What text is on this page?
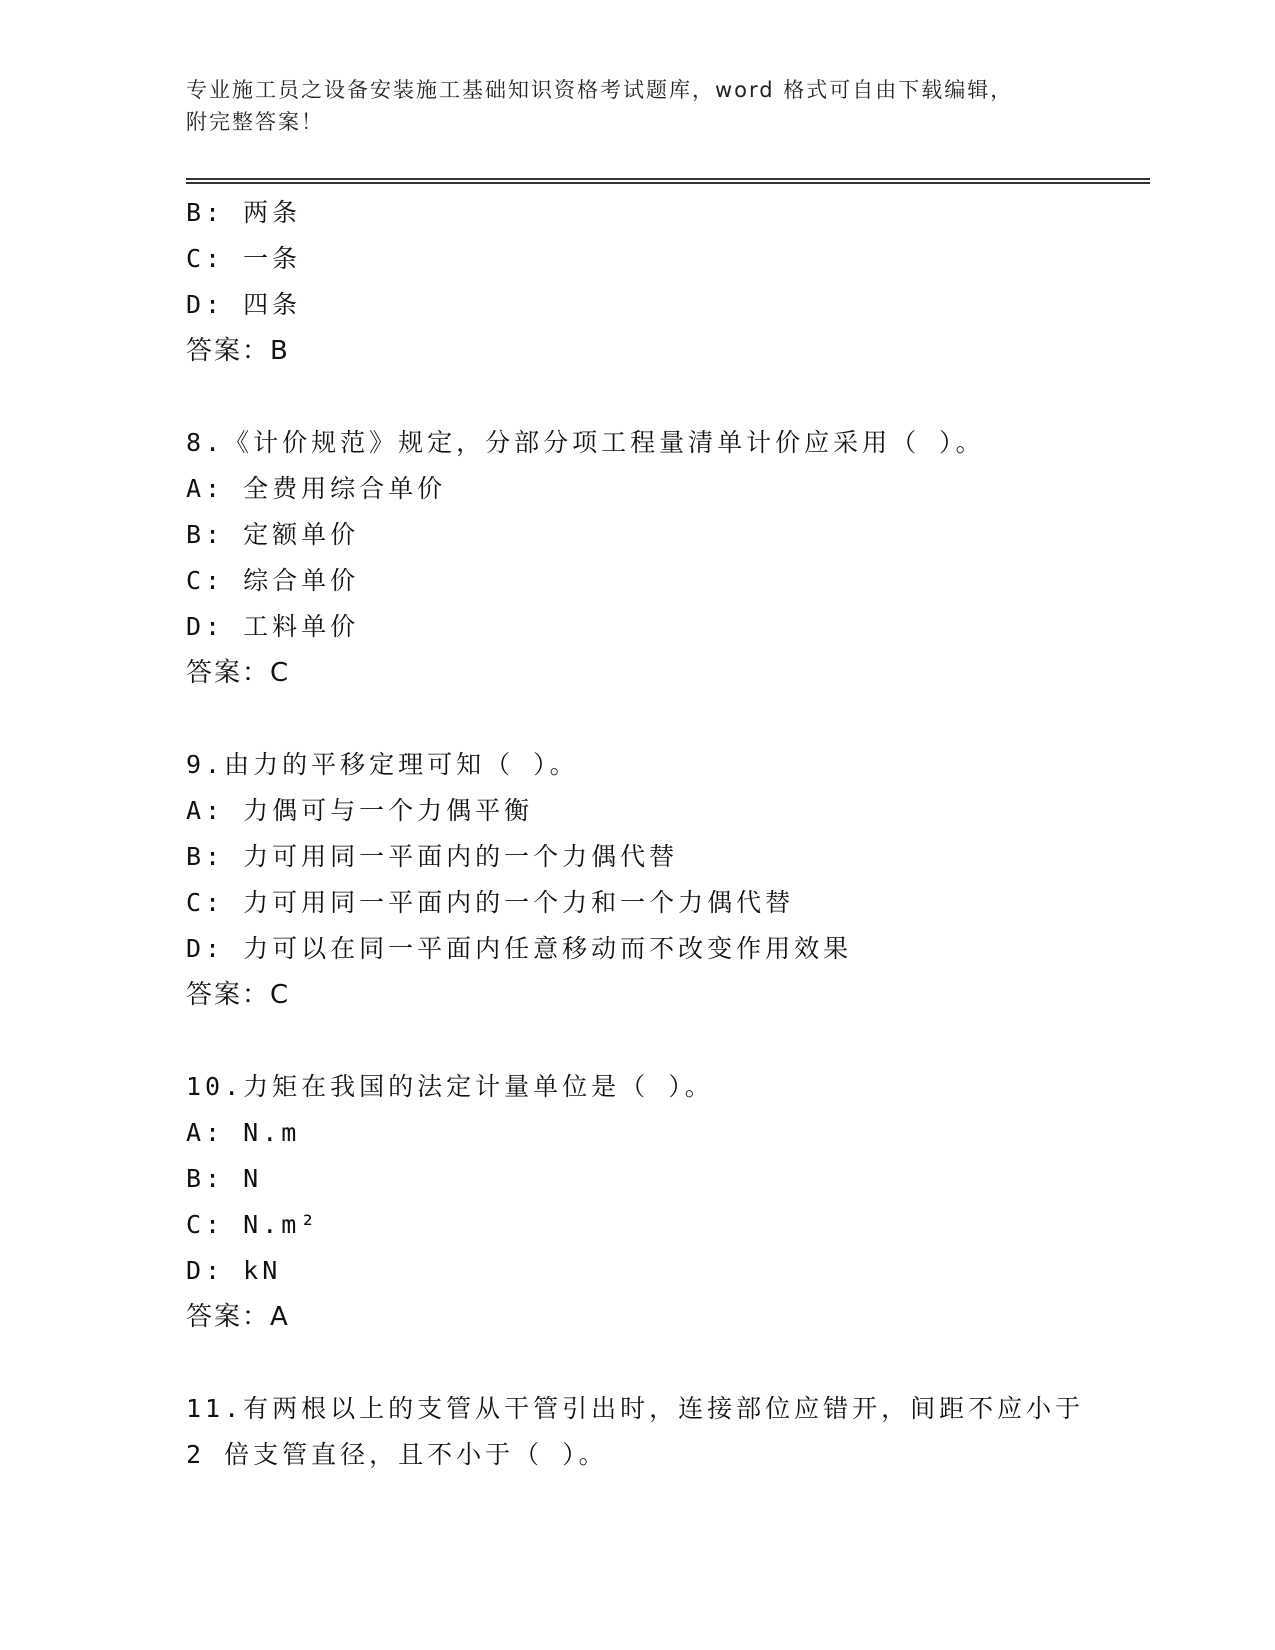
专业施工员之设备安装施工基础知识资格考试题库，word 格式可自由下载编辑，
附完整答案！
B: 两条
C: 一条
D: 四条
答案：B
8.《计价规范》规定，分部分项工程量清单计价应采用（ ）。
A: 全费用综合单价
B: 定额单价
C: 综合单价
D: 工料单价
答案：C
9.由力的平移定理可知（ ）。
A: 力偶可与一个力偶平衡
B: 力可用同一平面内的一个力偶代替
C: 力可用同一平面内的一个力和一个力偶代替
D: 力可以在同一平面内任意移动而不改变作用效果
答案：C
10.力矩在我国的法定计量单位是（ ）。
A: N.m
B: N
C: N.m²
D: kN
答案：A
11.有两根以上的支管从干管引出时，连接部位应错开，间距不应小于
2 倍支管直径，且不小于（ ）。
